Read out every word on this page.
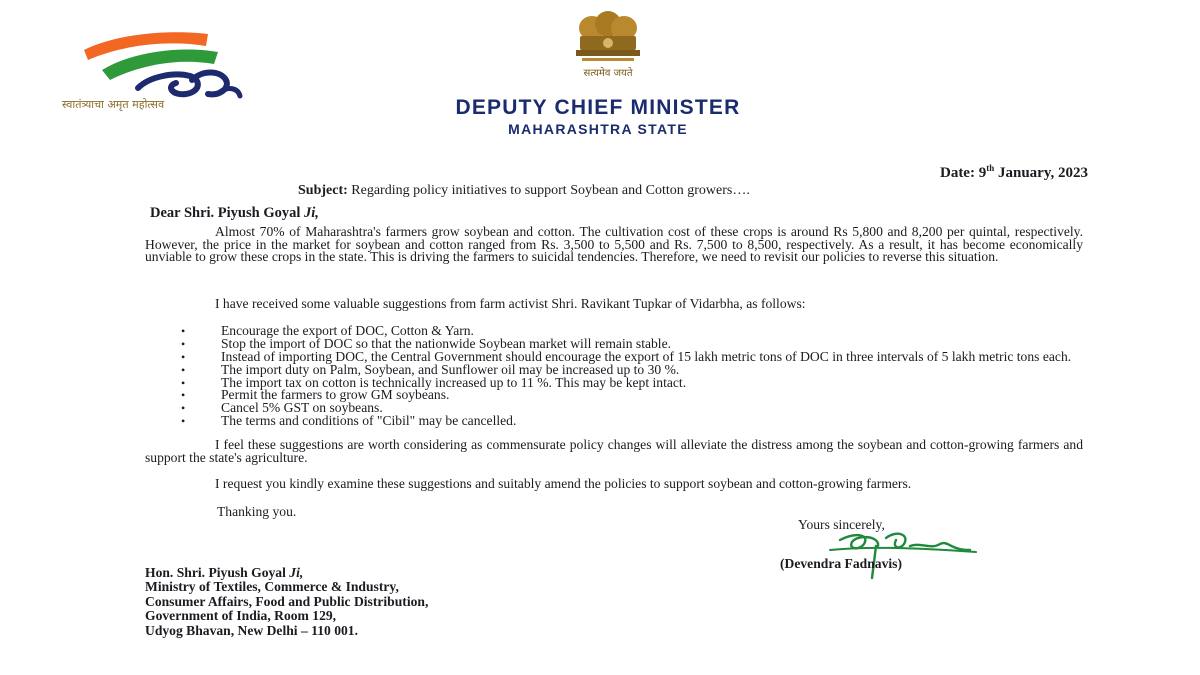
स्वातंत्र्याचा अमृत महोत्सव
सत्यमेव जयते
DEPUTY CHIEF MINISTER
MAHARASHTRA STATE
Date: 9th January, 2023
Subject: Regarding policy initiatives to support Soybean and Cotton growers….
Dear Shri. Piyush Goyal Ji,
Almost 70% of Maharashtra's farmers grow soybean and cotton. The cultivation cost of these crops is around Rs 5,800 and 8,200 per quintal, respectively. However, the price in the market for soybean and cotton ranged from Rs. 3,500 to 5,500 and Rs. 7,500 to 8,500, respectively. As a result, it has become economically unviable to grow these crops in the state. This is driving the farmers to suicidal tendencies. Therefore, we need to revisit our policies to reverse this situation.
I have received some valuable suggestions from farm activist Shri. Ravikant Tupkar of Vidarbha, as follows:
•	Encourage the export of DOC, Cotton & Yarn.
•	Stop the import of DOC so that the nationwide Soybean market will remain stable.
•	Instead of importing DOC, the Central Government should encourage the export of 15 lakh metric tons of DOC in three intervals of 5 lakh metric tons each.
•	The import duty on Palm, Soybean, and Sunflower oil may be increased up to 30 %.
•	The import tax on cotton is technically increased up to 11 %. This may be kept intact.
•	Permit the farmers to grow GM soybeans.
•	Cancel 5% GST on soybeans.
•	The terms and conditions of "Cibil" may be cancelled.
I feel these suggestions are worth considering as commensurate policy changes will alleviate the distress among the soybean and cotton-growing farmers and support the state's agriculture.
I request you kindly examine these suggestions and suitably amend the policies to support soybean and cotton-growing farmers.
Thanking you.
Yours sincerely,
(Devendra Fadnavis)
Hon. Shri. Piyush Goyal Ji,
Ministry of Textiles, Commerce & Industry,
Consumer Affairs, Food and Public Distribution,
Government of India, Room 129,
Udyog Bhavan, New Delhi – 110 001.
